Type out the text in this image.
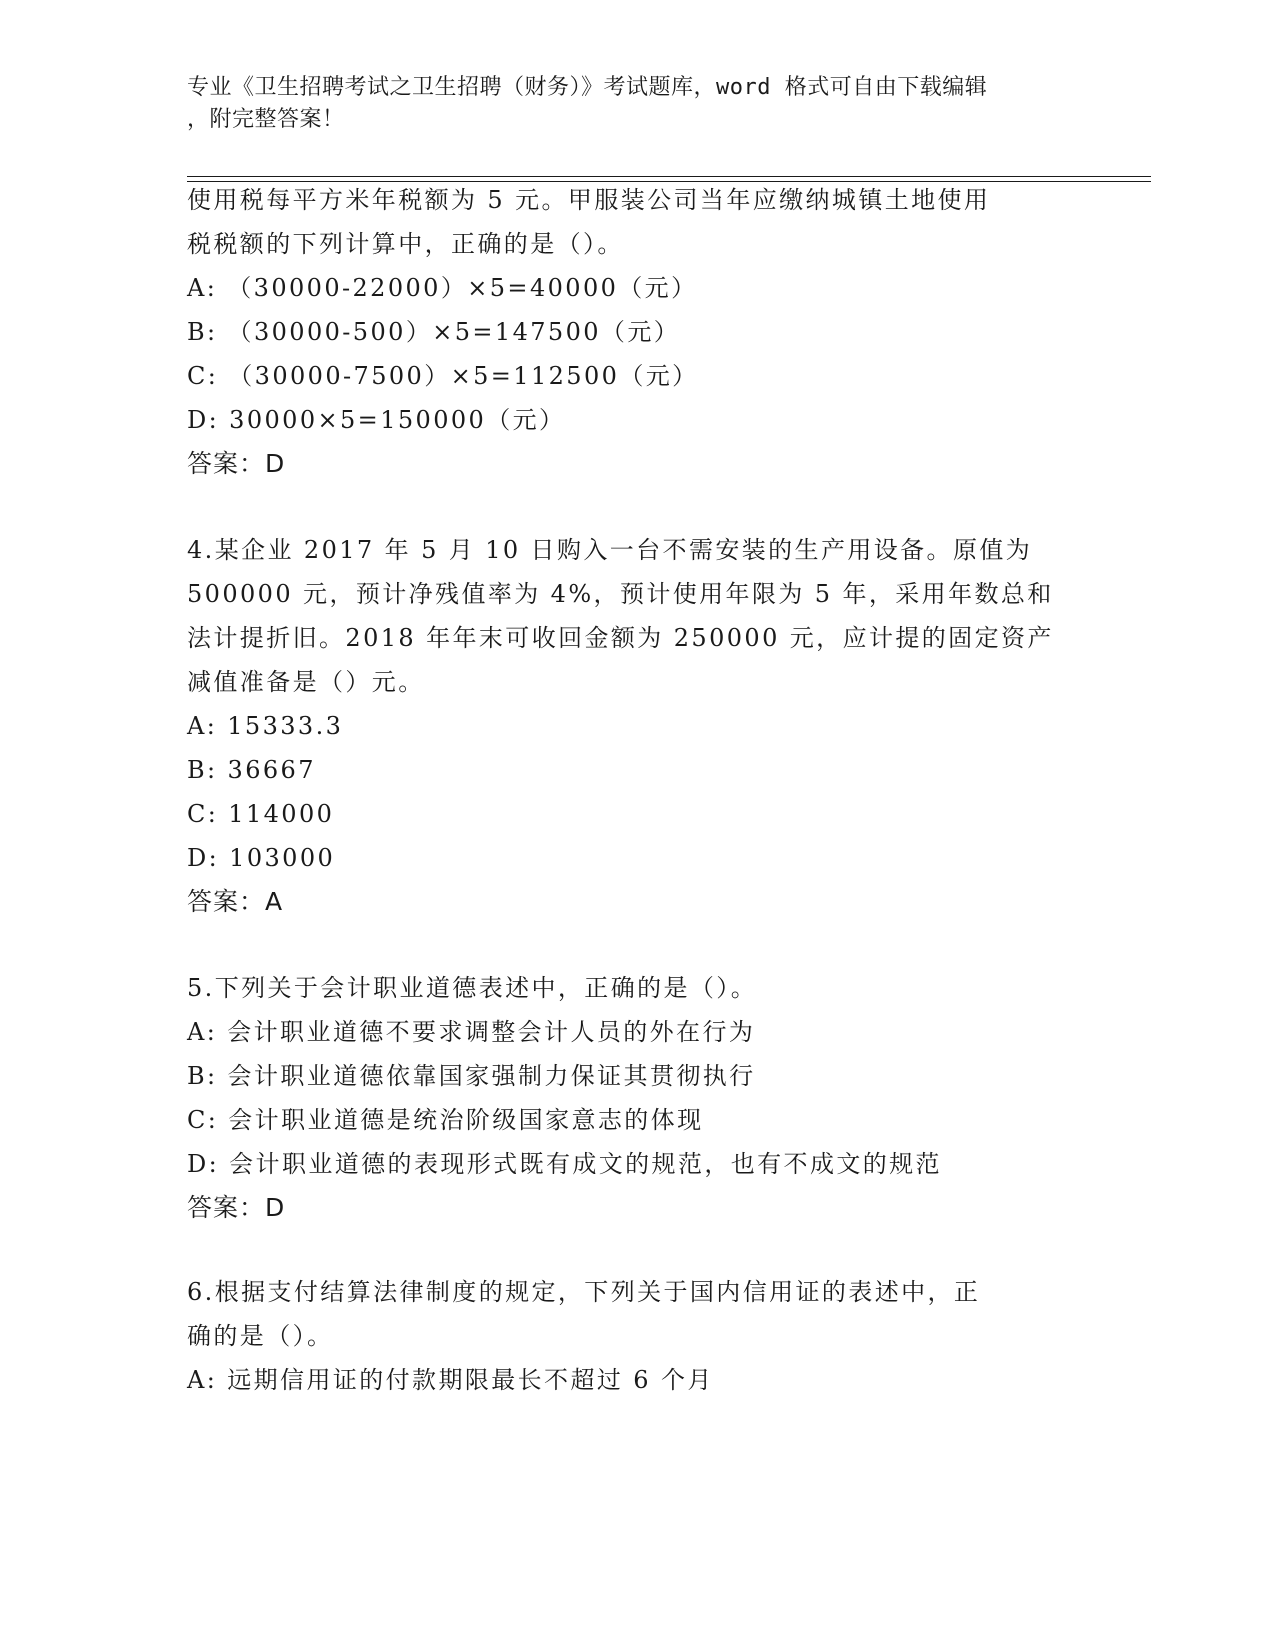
专业《卫生招聘考试之卫生招聘（财务）》考试题库，word 格式可自由下载编辑
，附完整答案！
使用税每平方米年税额为 5 元。甲服装公司当年应缴纳城镇土地使用
税税额的下列计算中，正确的是（）。
A: （30000-22000）×5=40000（元）
B: （30000-500）×5=147500（元）
C: （30000-7500）×5=112500（元）
D: 30000×5=150000（元）
答案：D
4.某企业 2017 年 5 月 10 日购入一台不需安装的生产用设备。原值为
500000 元，预计净残值率为 4%，预计使用年限为 5 年，采用年数总和
法计提折旧。2018 年年末可收回金额为 250000 元，应计提的固定资产
减值准备是（）元。
A: 15333.3
B: 36667
C: 114000
D: 103000
答案：A
5.下列关于会计职业道德表述中，正确的是（）。
A: 会计职业道德不要求调整会计人员的外在行为
B: 会计职业道德依靠国家强制力保证其贯彻执行
C: 会计职业道德是统治阶级国家意志的体现
D: 会计职业道德的表现形式既有成文的规范，也有不成文的规范
答案：D
6.根据支付结算法律制度的规定，下列关于国内信用证的表述中，正
确的是（）。
A: 远期信用证的付款期限最长不超过 6 个月
